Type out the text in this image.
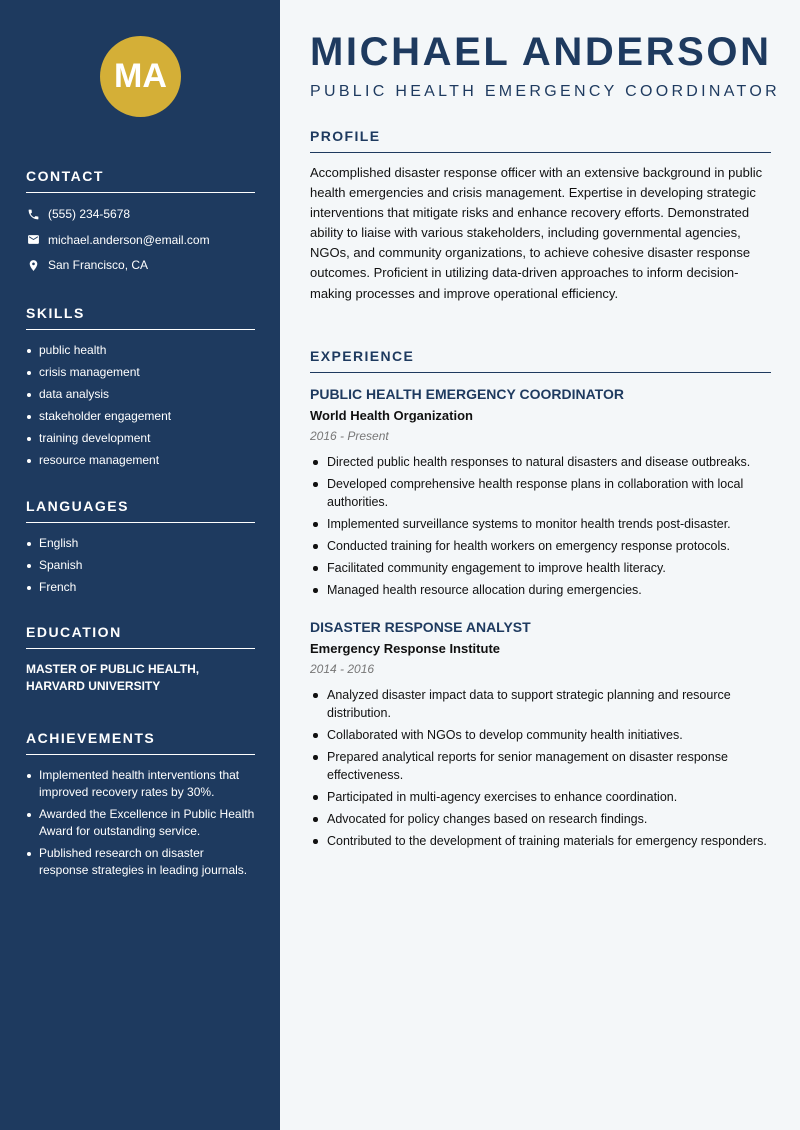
MA
CONTACT
(555) 234-5678
michael.anderson@email.com
San Francisco, CA
SKILLS
public health
crisis management
data analysis
stakeholder engagement
training development
resource management
LANGUAGES
English
Spanish
French
EDUCATION
MASTER OF PUBLIC HEALTH, HARVARD UNIVERSITY
ACHIEVEMENTS
Implemented health interventions that improved recovery rates by 30%.
Awarded the Excellence in Public Health Award for outstanding service.
Published research on disaster response strategies in leading journals.
MICHAEL ANDERSON
PUBLIC HEALTH EMERGENCY COORDINATOR
PROFILE
Accomplished disaster response officer with an extensive background in public health emergencies and crisis management. Expertise in developing strategic interventions that mitigate risks and enhance recovery efforts. Demonstrated ability to liaise with various stakeholders, including governmental agencies, NGOs, and community organizations, to achieve cohesive disaster response outcomes. Proficient in utilizing data-driven approaches to inform decision-making processes and improve operational efficiency.
EXPERIENCE
PUBLIC HEALTH EMERGENCY COORDINATOR
World Health Organization
2016 - Present
Directed public health responses to natural disasters and disease outbreaks.
Developed comprehensive health response plans in collaboration with local authorities.
Implemented surveillance systems to monitor health trends post-disaster.
Conducted training for health workers on emergency response protocols.
Facilitated community engagement to improve health literacy.
Managed health resource allocation during emergencies.
DISASTER RESPONSE ANALYST
Emergency Response Institute
2014 - 2016
Analyzed disaster impact data to support strategic planning and resource distribution.
Collaborated with NGOs to develop community health initiatives.
Prepared analytical reports for senior management on disaster response effectiveness.
Participated in multi-agency exercises to enhance coordination.
Advocated for policy changes based on research findings.
Contributed to the development of training materials for emergency responders.
